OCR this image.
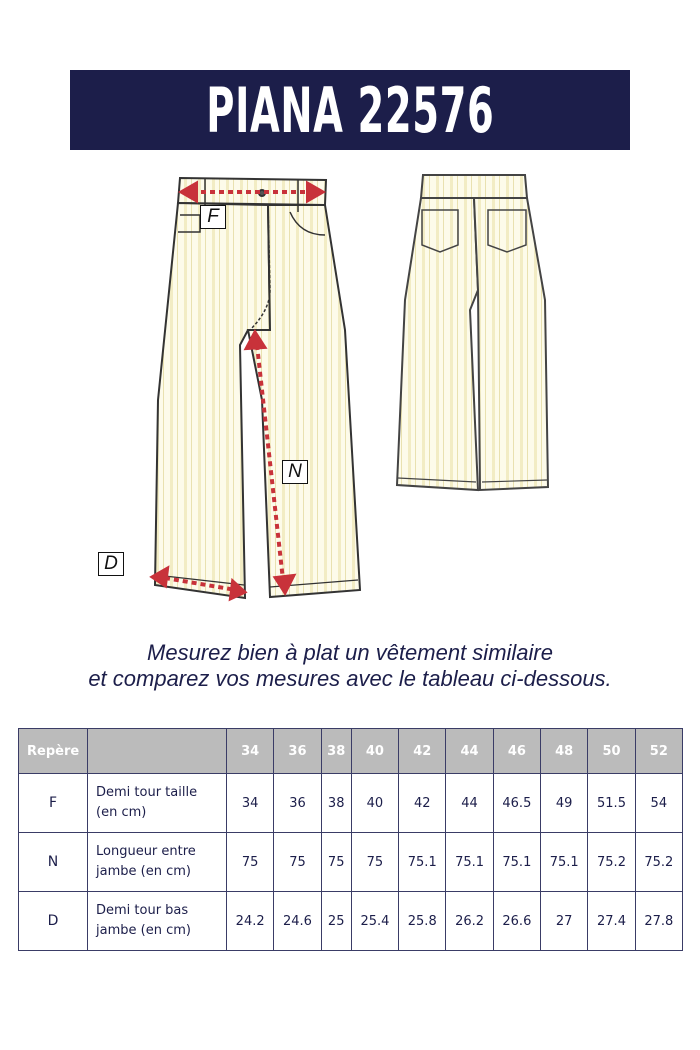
PIANA 22576
F
N
D
Mesurez bien à plat un vêtement similaire
et comparez vos mesures avec le tableau ci-dessous.
Repère		34	36	38	40	42	44	46	48	50	52
F	Demi tour taille (en cm)	34	36	38	40	42	44	46.5	49	51.5	54
N	Longueur entre jambe (en cm)	75	75	75	75	75.1	75.1	75.1	75.1	75.2	75.2
D	Demi tour bas jambe (en cm)	24.2	24.6	25	25.4	25.8	26.2	26.6	27	27.4	27.8
